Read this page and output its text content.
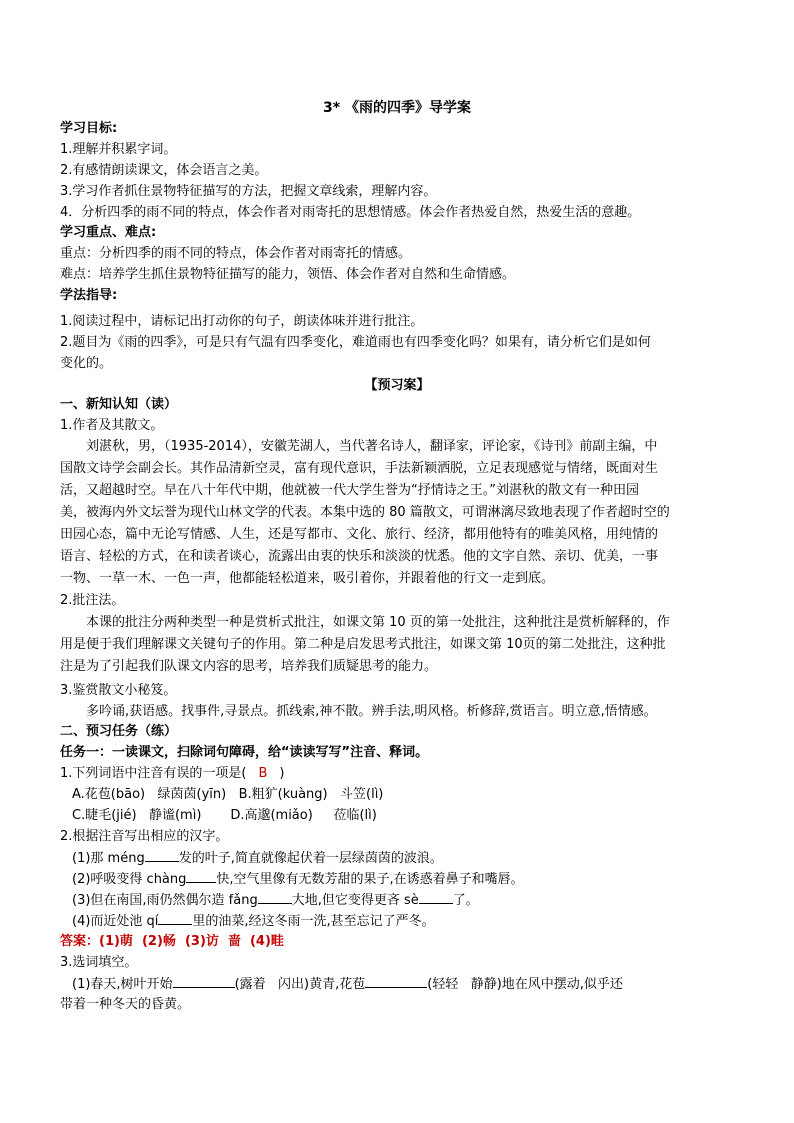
3* 《雨的四季》导学案
学习目标:
1.理解并积累字词。
2.有感情朗读课文，体会语言之美。
3.学习作者抓住景物特征描写的方法，把握文章线索，理解内容。
4．分析四季的雨不同的特点，体会作者对雨寄托的思想情感。体会作者热爱自然，热爱生活的意趣。
学习重点、难点:
重点：分析四季的雨不同的特点，体会作者对雨寄托的情感。
难点：培养学生抓住景物特征描写的能力，领悟、体会作者对自然和生命情感。
学法指导:
1.阅读过程中，请标记出打动你的句子，朗读体味并进行批注。
2.题目为《雨的四季》，可是只有气温有四季变化，难道雨也有四季变化吗？如果有，请分析它们是如何
变化的。
【预习案】
一、新知认知（读）
1.作者及其散文。
刘湛秋，男，（1935-2014），安徽芜湖人，当代著名诗人，翻译家，评论家，《诗刊》前副主编，中
国散文诗学会副会长。其作品清新空灵，富有现代意识，手法新颖洒脱，立足表现感觉与情绪，既面对生
活，又超越时空。早在八十年代中期，他就被一代大学生誉为“抒情诗之王。”刘湛秋的散文有一种田园
美，被海内外文坛誉为现代山林文学的代表。本集中选的 80 篇散文，可谓淋漓尽致地表现了作者超时空的
田园心态，篇中无论写情感、人生，还是写都市、文化、旅行、经济，都用他特有的唯美风格，用纯情的
语言、轻松的方式，在和读者谈心，流露出由衷的快乐和淡淡的忧悉。他的文字自然、亲切、优美，一事
一物、一草一木、一色一声，他都能轻松道来，吸引着你，并跟着他的行文一走到底。
2.批注法。
本课的批注分两种类型一种是赏析式批注，如课文第 10 页的第一处批注，这种批注是赏析解释的，作
用是便于我们理解课文关键句子的作用。第二种是启发思考式批注，如课文第 10页的第二处批注，这种批
注是为了引起我们队课文内容的思考，培养我们质疑思考的能力。
3.鉴赏散文小秘笈。
多吟诵,获语感。找事件,寻景点。抓线索,神不散。辨手法,明风格。析修辞,赏语言。明立意,悟情感。
二、预习任务（练）
任务一：一读课文，扫除词句障碍，给“读读写写”注音、释词。
1.下列词语中注音有误的一项是( B )
A.花苞(bāo)   绿茵茵(yīn)   B.粗犷(kuàng)   斗笠(lì)
C.睫毛(jié)   静谧(mì)       D.高邈(miǎo)     莅临(lì)
2.根据注音写出相应的汉字。
(1)那 méng	发的叶子,简直就像起伏着一层绿茵茵的波浪。
(2)呼吸变得 chàng 快,空气里像有无数芳甜的果子,在诱惑着鼻子和嘴唇。
(3)但在南国,雨仍然偶尔造 fǎng	大地,但它变得更吝 sè	了。
(4)而近处池 qí	里的油菜,经这冬雨一洗,甚至忘记了严冬。
答案：(1)萌  (2)畅  (3)访  啬  (4)畦
3.选词填空。
(1)春天,树叶开始	(露着   闪出)黄青,花苞	(轻轻   静静)地在风中摆动,似乎还
带着一种冬天的昏黄。
